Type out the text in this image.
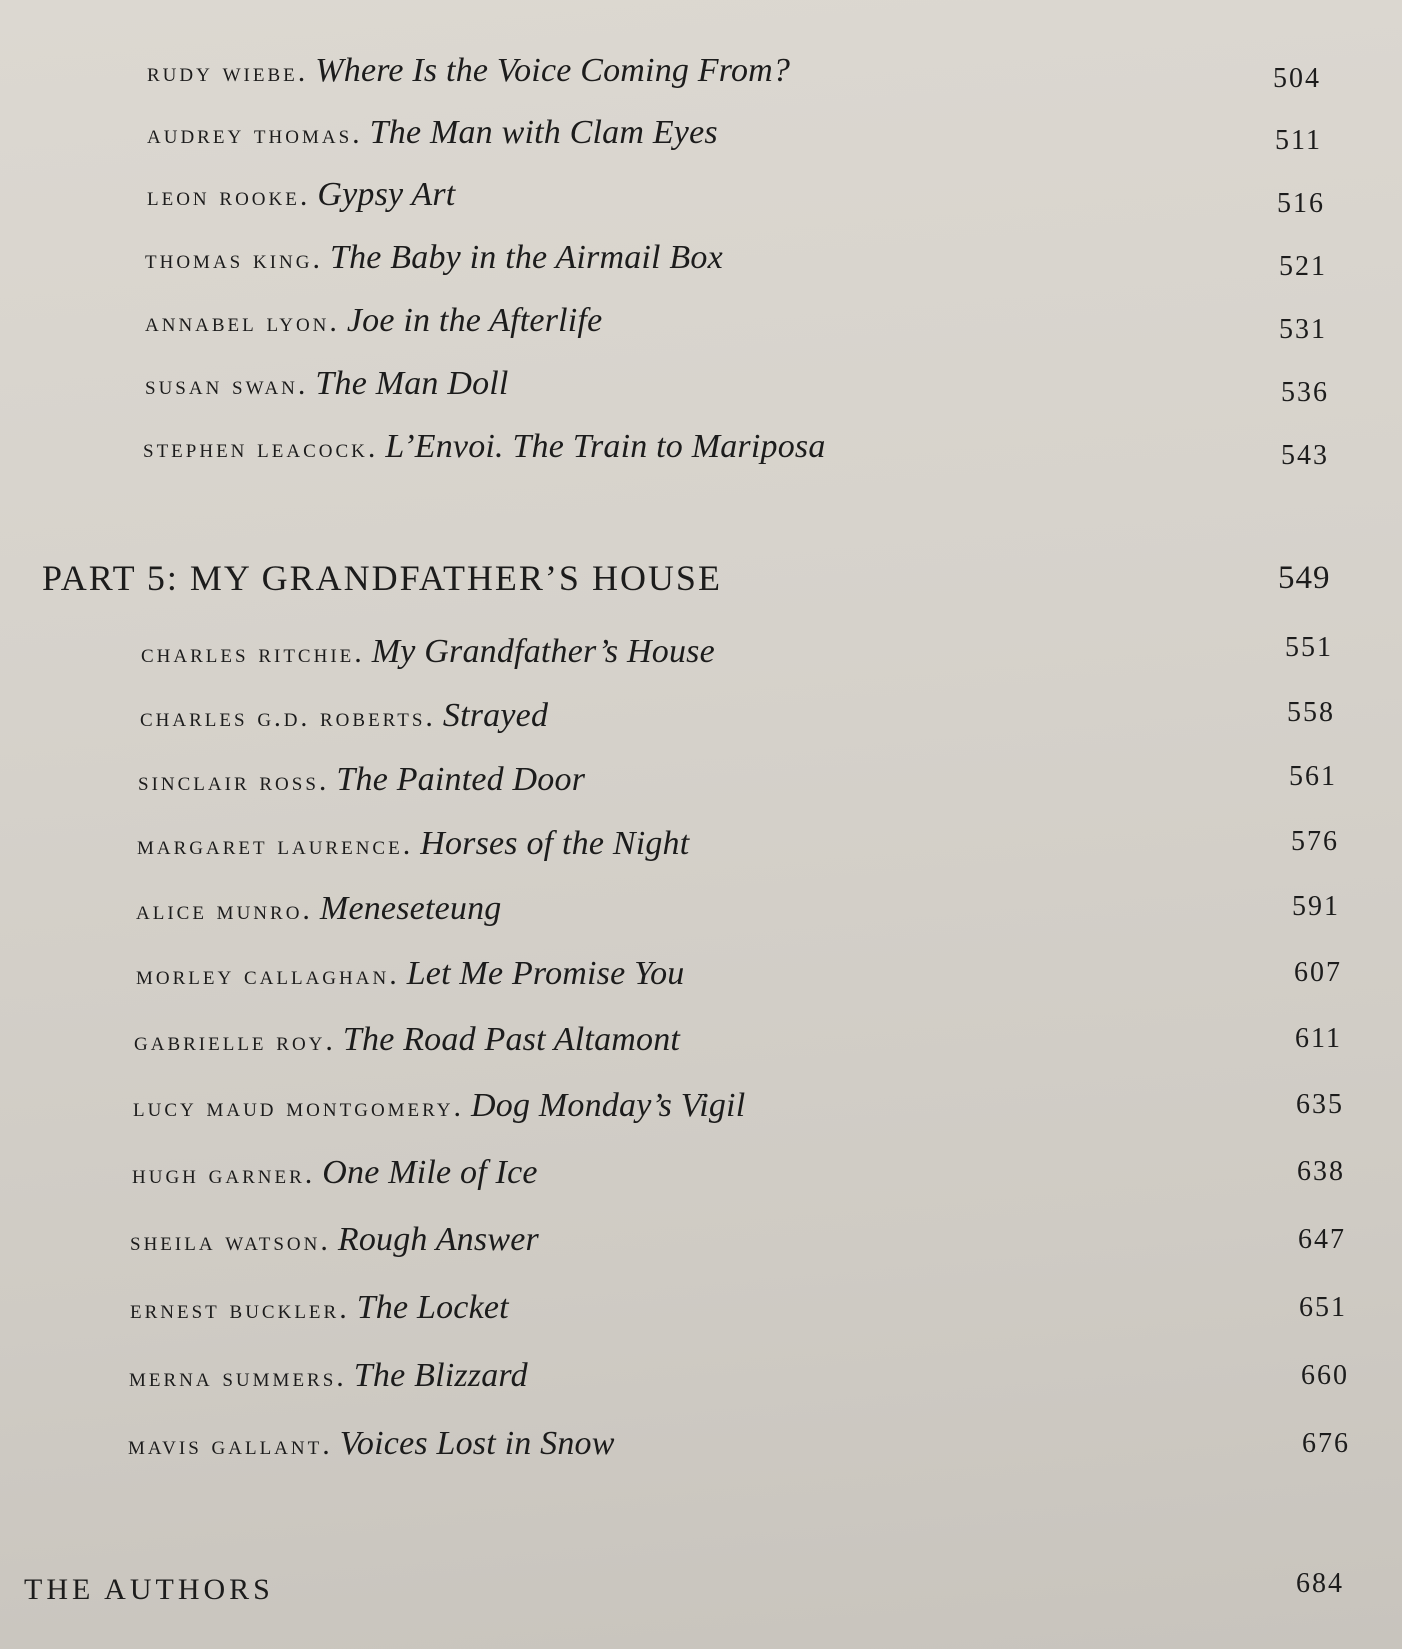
rudy wiebe . Where Is the Voice Coming From?	504
audrey thomas . The Man with Clam Eyes	511
leon rooke . Gypsy Art	516
thomas king . The Baby in the Airmail Box	521
annabel lyon . Joe in the Afterlife	531
susan swan . The Man Doll	536
stephen leacock . L’Envoi. The Train to Mariposa	543
PART 5: MY GRANDFATHER’S HOUSE	549
charles ritchie . My Grandfather’s House	551
charles g.d. roberts . Strayed	558
sinclair ross . The Painted Door	561
margaret laurence . Horses of the Night	576
alice munro . Meneseteung	591
morley callaghan . Let Me Promise You	607
gabrielle roy . The Road Past Altamont	611
lucy maud montgomery . Dog Monday’s Vigil	635
hugh garner . One Mile of Ice	638
sheila watson . Rough Answer	647
ernest buckler . The Locket	651
merna summers . The Blizzard	660
mavis gallant . Voices Lost in Snow	676
THE AUTHORS	684
